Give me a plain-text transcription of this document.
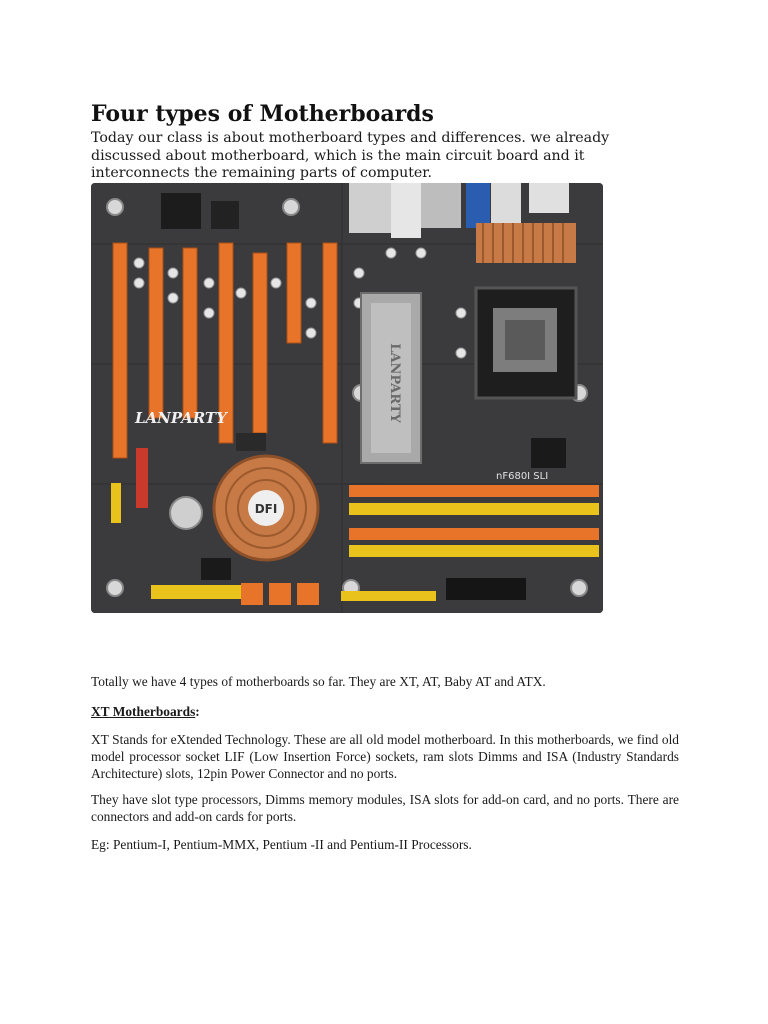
Four types of Motherboards

Today our class is about motherboard types and differences. we already discussed about motherboard, which is the main circuit board and it interconnects the remaining parts of computer.

LANPARTY
LANPARTY
nF680I SLI
DFI

Totally we have 4 types of motherboards so far. They are XT, AT, Baby AT and ATX.

XT Motherboards:

XT Stands for eXtended Technology. These are all old model motherboard. In this motherboards, we find old model processor socket LIF (Low Insertion Force) sockets, ram slots Dimms and ISA (Industry Standards Architecture) slots, 12pin Power Connector and no ports.

They have slot type processors, Dimms memory modules, ISA slots for add-on card, and no ports. There are connectors and add-on cards for ports.

Eg: Pentium-I, Pentium-MMX, Pentium -II and Pentium-II Processors.
